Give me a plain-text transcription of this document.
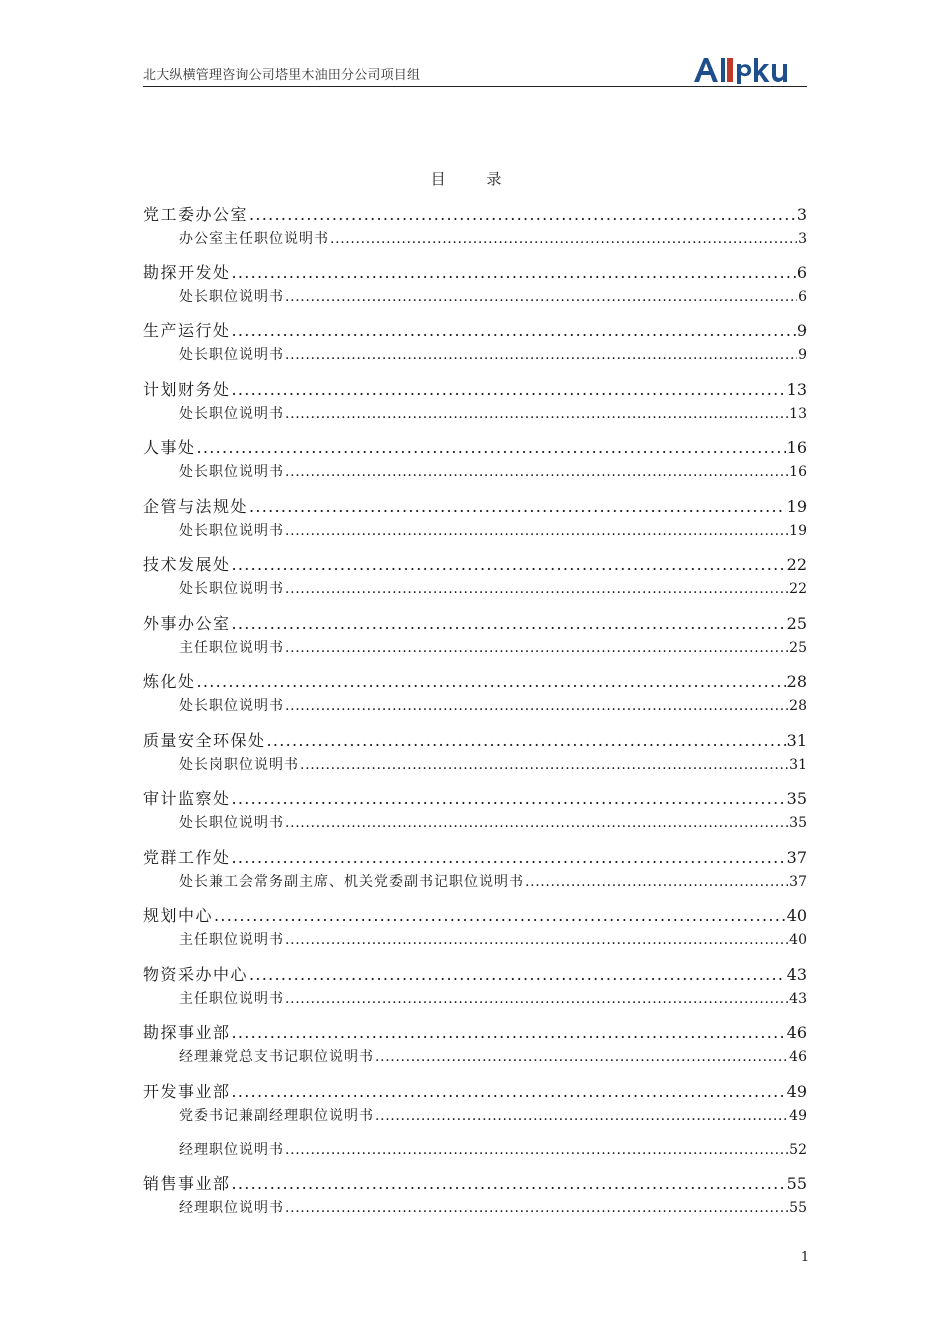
北大纵横管理咨询公司塔里木油田分公司项目组
目 录
党工委办公室 . . .	3
办公室主任职位说明书 . . .	3
勘探开发处 . . .	6
处长职位说明书 . . .	6
生产运行处 . . .	9
处长职位说明书 . . .	9
计划财务处 . . .	13
处长职位说明书 . . .	13
人事处 . . .	16
处长职位说明书 . . .	16
企管与法规处 . . .	19
处长职位说明书 . . .	19
技术发展处 . . .	22
处长职位说明书 . . .	22
外事办公室 . . .	25
主任职位说明书 . . .	25
炼化处 . . .	28
处长职位说明书 . . .	28
质量安全环保处 . . .	31
处长岗职位说明书 . . .	31
审计监察处 . . .	35
处长职位说明书 . . .	35
党群工作处 . . .	37
处长兼工会常务副主席、机关党委副书记职位说明书 . . .	37
规划中心 . . .	40
主任职位说明书 . . .	40
物资采办中心 . . .	43
主任职位说明书 . . .	43
勘探事业部 . . .	46
经理兼党总支书记职位说明书 . . .	46
开发事业部 . . .	49
党委书记兼副经理职位说明书 . . .	49
经理职位说明书 . . .	52
销售事业部 . . .	55
经理职位说明书 . . .	55
1
